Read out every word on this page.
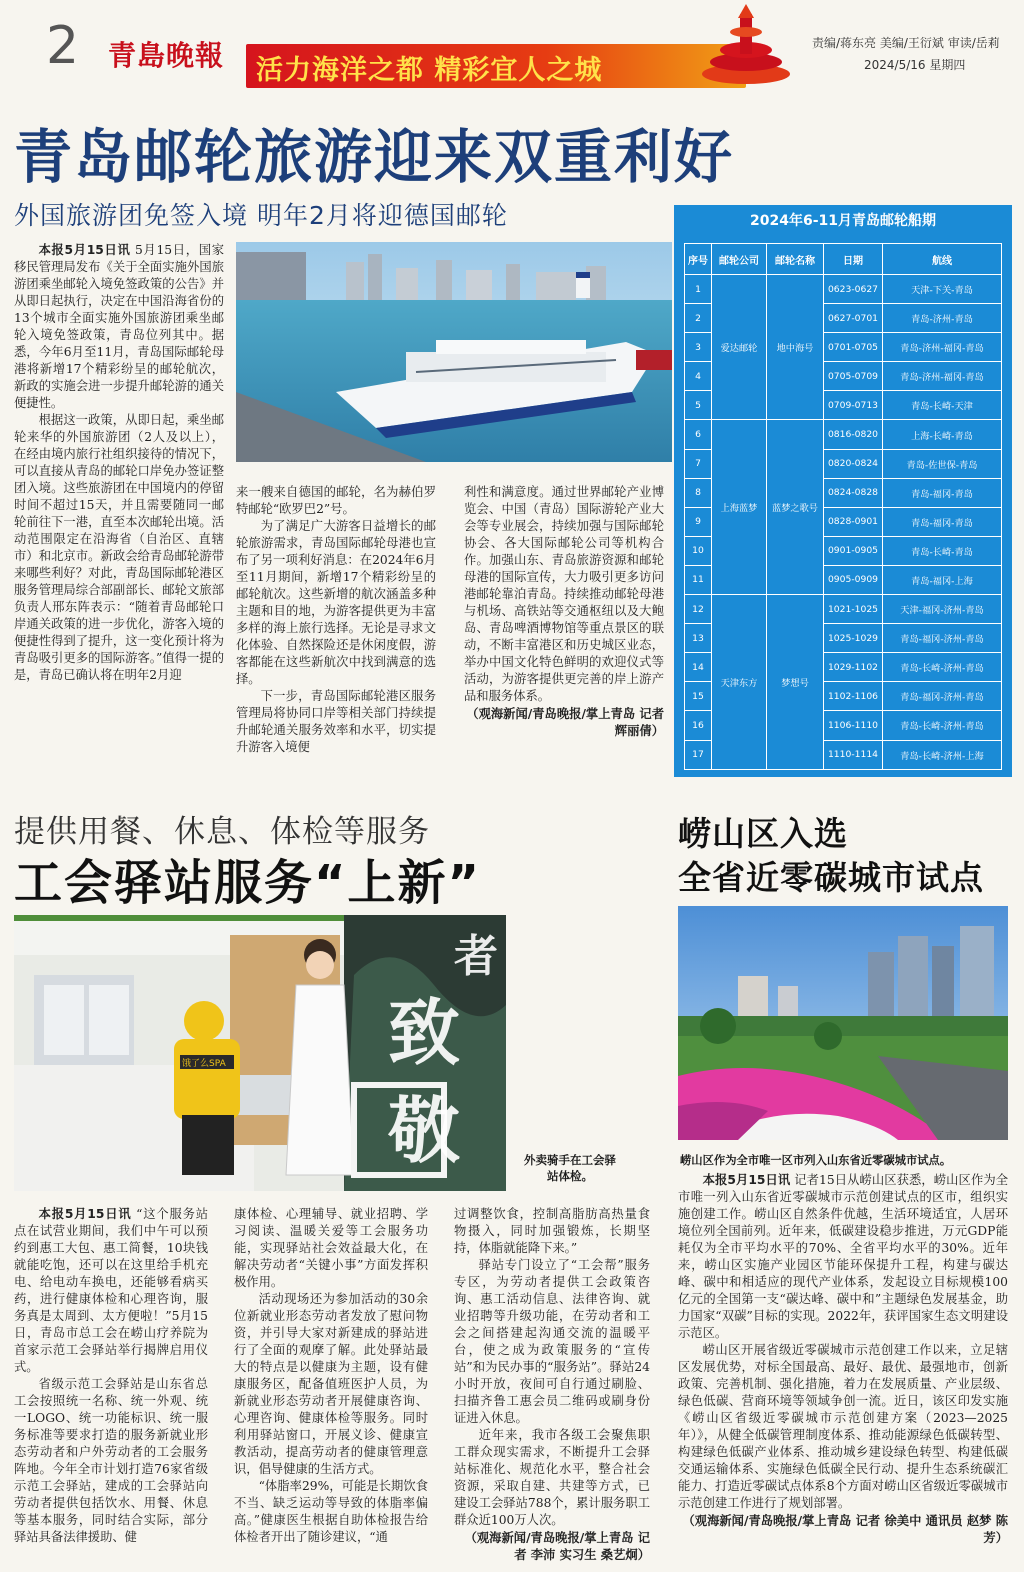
2 青島晚報 活力海洋之都 精彩宜人之城
责编/蒋东亮 美编/王衍斌 审读/岳莉
2024/5/16 星期四
青岛邮轮旅游迎来双重利好
外国旅游团免签入境 明年2月将迎德国邮轮

本报5月15日讯 5月15日，国家移民管理局发布《关于全面实施外国旅游团乘坐邮轮入境免签政策的公告》并从即日起执行，决定在中国沿海省份的13个城市全面实施外国旅游团乘坐邮轮入境免签政策，青岛位列其中。据悉，今年6月至11月，青岛国际邮轮母港将新增17个精彩纷呈的邮轮航次，新政的实施会进一步提升邮轮游的通关便捷性。

根据这一政策，从即日起，乘坐邮轮来华的外国旅游团（2人及以上），在经由境内旅行社组织接待的情况下，可以直接从青岛的邮轮口岸免办签证整团入境。这些旅游团在中国境内的停留时间不超过15天，并且需要随同一邮轮前往下一港，直至本次邮轮出境。活动范围限定在沿海省（自治区、直辖市）和北京市。新政会给青岛邮轮游带来哪些利好？对此，青岛国际邮轮港区服务管理局综合部副部长、邮轮文旅部负责人邢东阵表示：“随着青岛邮轮口岸通关政策的进一步优化，游客入境的便捷性得到了提升，这一变化预计将为青岛吸引更多的国际游客。”值得一提的是，青岛已确认将在明年2月迎

来一艘来自德国的邮轮，名为赫伯罗特邮轮“欧罗巴2”号。

为了满足广大游客日益增长的邮轮旅游需求，青岛国际邮轮母港也宣布了另一项利好消息：在2024年6月至11月期间，新增17个精彩纷呈的邮轮航次。这些新增的航次涵盖多种主题和目的地，为游客提供更为丰富多样的海上旅行选择。无论是寻求文化体验、自然探险还是休闲度假，游客都能在这些新航次中找到满意的选择。

下一步，青岛国际邮轮港区服务管理局将协同口岸等相关部门持续提升邮轮通关服务效率和水平，切实提升游客入境便

利性和满意度。通过世界邮轮产业博览会、中国（青岛）国际游轮产业大会等专业展会，持续加强与国际邮轮协会、各大国际邮轮公司等机构合作。加强山东、青岛旅游资源和邮轮母港的国际宣传，大力吸引更多访问港邮轮靠泊青岛。持续推动邮轮母港与机场、高铁站等交通枢纽以及大鲍岛、青岛啤酒博物馆等重点景区的联动，不断丰富港区和历史城区业态，举办中国文化特色鲜明的欢迎仪式等活动，为游客提供更完善的岸上游产品和服务体系。

（观海新闻/青岛晚报/掌上青岛 记者 辉丽倩）
序号	邮轮公司	邮轮名称	日期	航线
1	爱达邮轮	地中海号	0623-0627	天津-下关-青岛
2			0627-0701	青岛-济州-青岛
3			0701-0705	青岛-济州-福冈-青岛
4			0705-0709	青岛-济州-福冈-青岛
5			0709-0713	青岛-长崎-天津
6	上海蓝梦	蓝梦之歌号	0816-0820	上海-长崎-青岛
7			0820-0824	青岛-佐世保-青岛
8			0824-0828	青岛-福冈-青岛
9			0828-0901	青岛-福冈-青岛
10			0901-0905	青岛-长崎-青岛
11			0905-0909	青岛-福冈-上海
12	天津东方	梦想号	1021-1025	天津-福冈-济州-青岛
13			1025-1029	青岛-福冈-济州-青岛
14			1029-1102	青岛-长崎-济州-青岛
15			1102-1106	青岛-福冈-济州-青岛
16			1106-1110	青岛-长崎-济州-青岛
17			1110-1114	青岛-长崎-济州-上海
2024年6-11月青岛邮轮船期
提供用餐、休息、体检等服务
工会驿站服务“上新”
者
致
敬
饿了么SPA
外卖骑手在工会驿站体检。

本报5月15日讯 “这个服务站点在试营业期间，我们中午可以预约到惠工大包、惠工简餐，10块钱就能吃饱，还可以在这里给手机充电、给电动车换电，还能够看病买药，进行健康体检和心理咨询，服务真是太周到、太方便啦！”5月15日，青岛市总工会在崂山疗养院为首家示范工会驿站举行揭牌启用仪式。

省级示范工会驿站是山东省总工会按照统一名称、统一外观、统一LOGO、统一功能标识、统一服务标准等要求打造的服务新就业形态劳动者和户外劳动者的工会服务阵地。今年全市计划打造76家省级示范工会驿站，建成的工会驿站向劳动者提供包括饮水、用餐、休息等基本服务，同时结合实际，部分驿站具备法律援助、健

康体检、心理辅导、就业招聘、学习阅读、温暖关爱等工会服务功能，实现驿站社会效益最大化，在解决劳动者“关键小事”方面发挥积极作用。

活动现场还为参加活动的30余位新就业形态劳动者发放了慰问物资，并引导大家对新建成的驿站进行了全面的观摩了解。此处驿站最大的特点是以健康为主题，设有健康服务区，配备值班医护人员，为新就业形态劳动者开展健康咨询、心理咨询、健康体检等服务。同时利用驿站窗口，开展义诊、健康宣教活动，提高劳动者的健康管理意识，倡导健康的生活方式。

“体脂率29%，可能是长期饮食不当、缺乏运动等导致的体脂率偏高。”健康医生根据自助体检报告给体检者开出了随诊建议，“通

过调整饮食，控制高脂肪高热量食物摄入，同时加强锻炼，长期坚持，体脂就能降下来。”

驿站专门设立了“工会帮”服务专区，为劳动者提供工会政策咨询、惠工活动信息、法律咨询、就业招聘等升级功能，在劳动者和工会之间搭建起沟通交流的温暖平台，使之成为政策服务的“宣传站”和为民办事的“服务站”。驿站24小时开放，夜间可自行通过刷脸、扫描齐鲁工惠会员二维码或刷身份证进入休息。

近年来，我市各级工会聚焦职工群众现实需求，不断提升工会驿站标准化、规范化水平，整合社会资源，采取自建、共建等方式，已建设工会驿站788个，累计服务职工群众近100万人次。

（观海新闻/青岛晚报/掌上青岛 记者 李沛 实习生 桑艺炯）
崂山区入选
全省近零碳城市试点
崂山区作为全市唯一区市列入山东省近零碳城市试点。

本报5月15日讯 记者15日从崂山区获悉，崂山区作为全市唯一列入山东省近零碳城市示范创建试点的区市，组织实施创建工作。崂山区自然条件优越，生活环境适宜，人居环境位列全国前列。近年来，低碳建设稳步推进，万元GDP能耗仅为全市平均水平的70%、全省平均水平的30%。近年来，崂山区实施产业园区节能环保提升工程，构建与碳达峰、碳中和相适应的现代产业体系，发起设立目标规模100亿元的全国第一支“碳达峰、碳中和”主题绿色发展基金，助力国家“双碳”目标的实现。2022年，获评国家生态文明建设示范区。

崂山区开展省级近零碳城市示范创建工作以来，立足辖区发展优势，对标全国最高、最好、最优、最强地市，创新政策、完善机制、强化措施，着力在发展质量、产业层级、绿色低碳、营商环境等领域争创一流。近日，该区印发实施《崂山区省级近零碳城市示范创建方案（2023—2025年）》，从健全低碳管理制度体系、推动能源绿色低碳转型、构建绿色低碳产业体系、推动城乡建设绿色转型、构建低碳交通运输体系、实施绿色低碳全民行动、提升生态系统碳汇能力、打造近零碳试点体系8个方面对崂山区省级近零碳城市示范创建工作进行了规划部署。

（观海新闻/青岛晚报/掌上青岛 记者 徐美中 通讯员 赵梦 陈芳）
